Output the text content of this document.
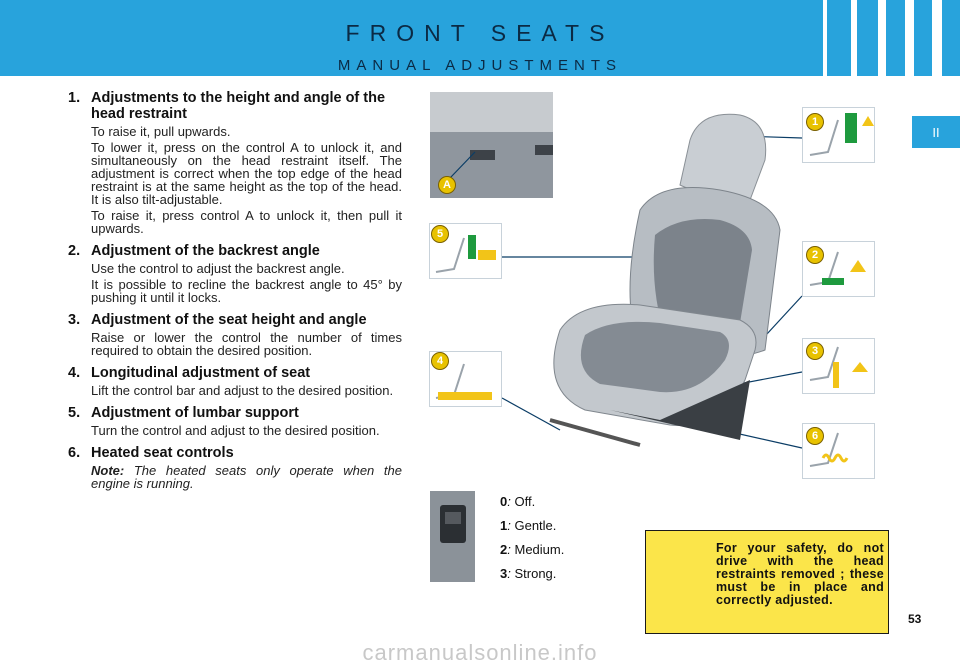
FRONT SEATS
MANUAL ADJUSTMENTS
II
1. Adjustments to the height and angle of the head restraint

To raise it, pull upwards.

To lower it, press on the control A to unlock it, and simultaneously on the head restraint itself. The adjustment is correct when the top edge of the head restraint is at the same height as the top of the head. It is also tilt-adjustable.

To raise it, press control A to unlock it, then pull it upwards.

2. Adjustment of the backrest angle

Use the control to adjust the backrest angle.

It is possible to recline the backrest angle to 45° by pushing it until it locks.

3. Adjustment of the seat height and angle

Raise or lower the control the number of times required to obtain the desired position.

4. Longitudinal adjustment of seat

Lift the control bar and adjust to the desired position.

5. Adjustment of lumbar support

Turn the control and adjust to the desired position.

6. Heated seat controls

Note: The heated seats only operate when the engine is running.

A
1
2
3
4
5
6
0: Off.
1: Gentle.
2: Medium.
3: Strong.
For your safety, do not drive with the head restraints removed ; these must be in place and correctly adjusted.
53
carmanualsonline.info
